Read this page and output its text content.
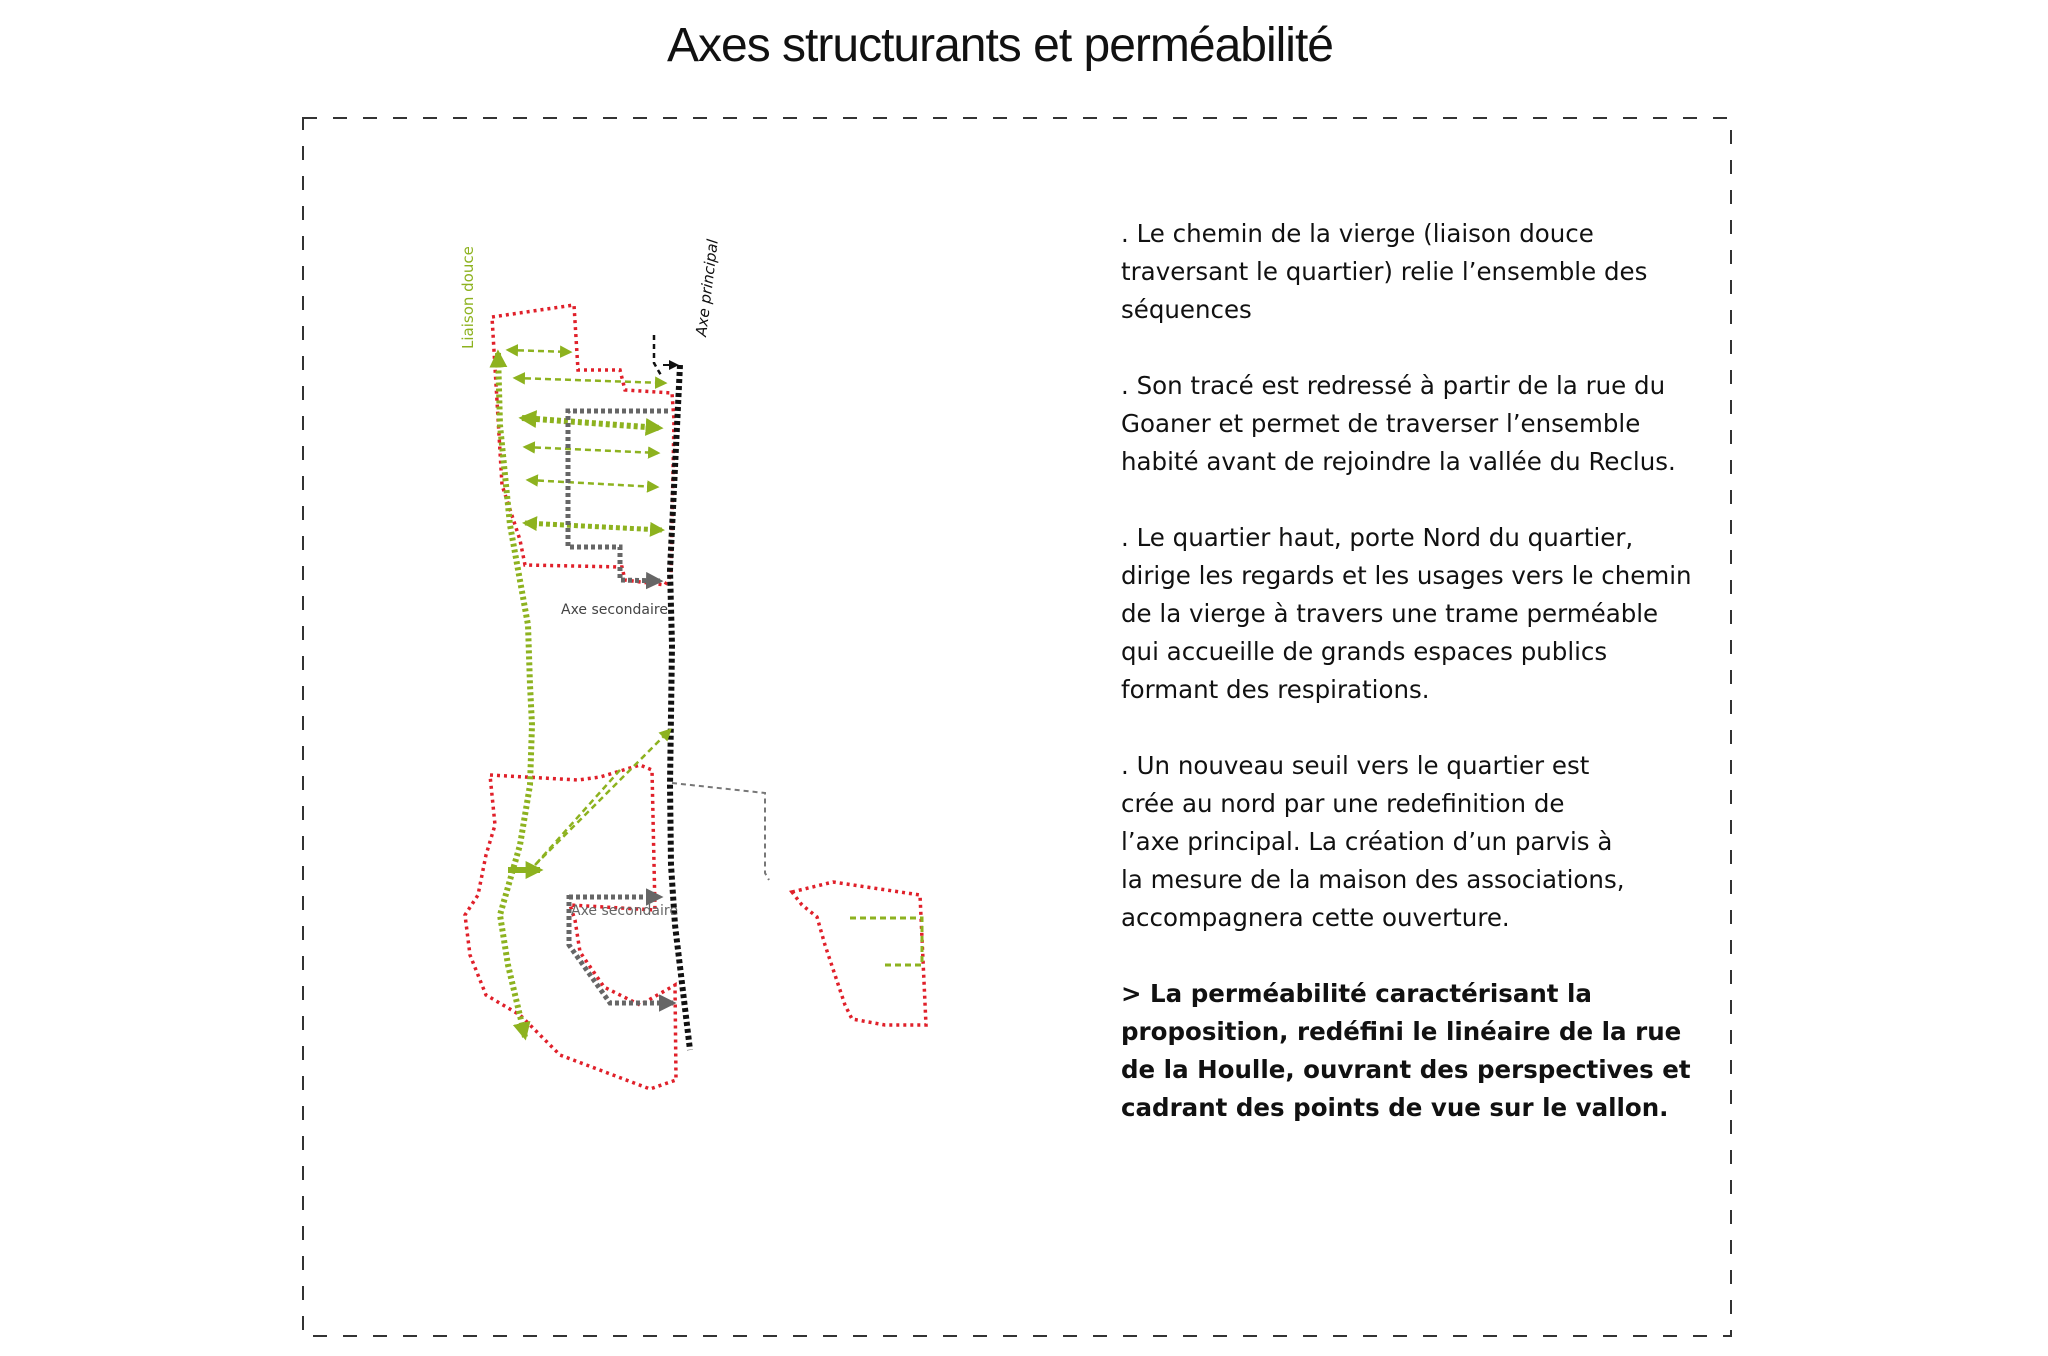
Axes structurants et perméabilité
Liaison douce	Axe principal
Axe secondaire
Axe secondaire

. Le chemin de la vierge (liaison douce
traversant le quartier) relie l’ensemble des
séquences

. Son tracé est redressé à partir de la rue du
Goaner et permet de traverser l’ensemble
habité avant de rejoindre la vallée du Reclus.

. Le quartier haut, porte Nord du quartier,
dirige les regards et les usages vers le chemin
de la vierge à travers une trame perméable
qui accueille de grands espaces publics
formant des respirations.

. Un nouveau seuil vers le quartier est
crée au nord par une redefinition de
l’axe principal. La création d’un parvis à
la mesure de la maison des associations,
accompagnera cette ouverture.

> La perméabilité caractérisant la
proposition, redéfini le linéaire de la rue
de la Houlle, ouvrant des perspectives et
cadrant des points de vue sur le vallon.
